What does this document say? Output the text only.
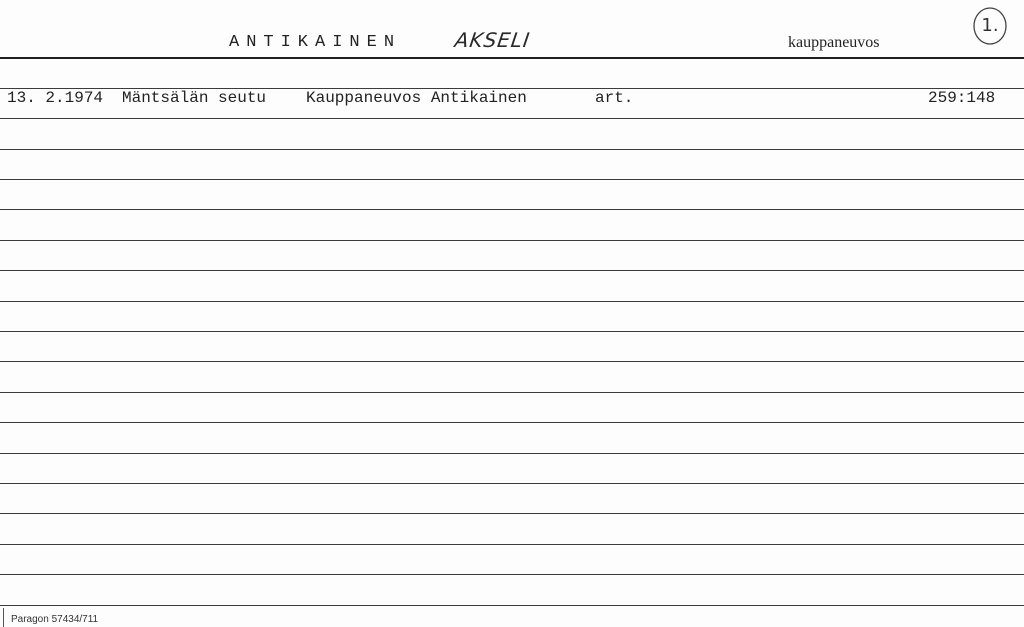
ANTIKAINEN	AKSELI	kauppaneuvos
1.
13. 2.1974 Mäntsälän seutu Kauppaneuvos Antikainen	art.	259:148
Paragon 57434/711
